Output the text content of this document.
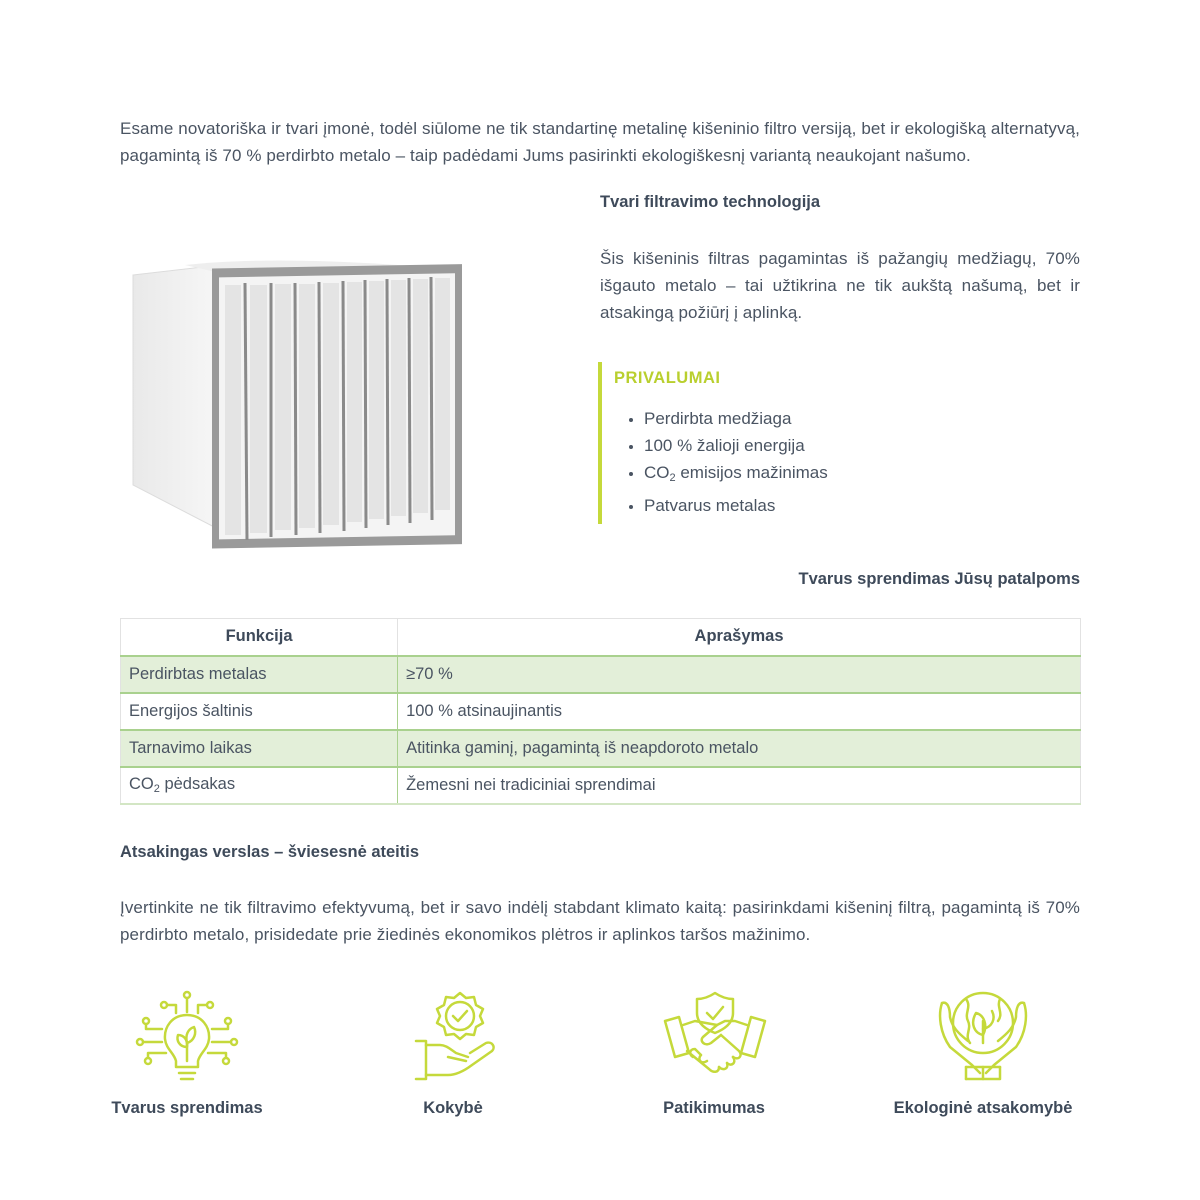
Esame novatoriška ir tvari įmonė, todėl siūlome ne tik standartinę metalinę kišeninio filtro versiją, bet ir ekologišką alternatyvą, pagamintą iš 70 % perdirbto metalo – taip padėdami Jums pasirinkti ekologiškesnį variantą neaukojant našumo.

Tvari filtravimo technologija

Šis kišeninis filtras pagamintas iš pažangių medžiagų, 70% išgauto metalo – tai užtikrina ne tik aukštą našumą, bet ir atsakingą požiūrį į aplinką.

PRIVALUMAI
Perdirbta medžiaga
100 % žalioji energija
$CO_2$ emisijos mažinimas
Patvarus metalas
Tvarus sprendimas Jūsų patalpoms
Funkcija	Aprašymas
Perdirbtas metalas	≥70 %
Energijos šaltinis	100 % atsinaujinantis
Tarnavimo laikas	Atitinka gaminį, pagamintą iš neapdoroto metalo
$CO_2$ pėdsakas	Žemesni nei tradiciniai sprendimai
Atsakingas verslas – šviesesnė ateitis

Įvertinkite ne tik filtravimo efektyvumą, bet ir savo indėlį stabdant klimato kaitą: pasirinkdami kišeninį filtrą, pagamintą iš 70% perdirbto metalo, prisidedate prie žiedinės ekonomikos plėtros ir aplinkos taršos mažinimo.

Tvarus sprendimas	Kokybė	Patikimumas	Ekologinė atsakomybė
